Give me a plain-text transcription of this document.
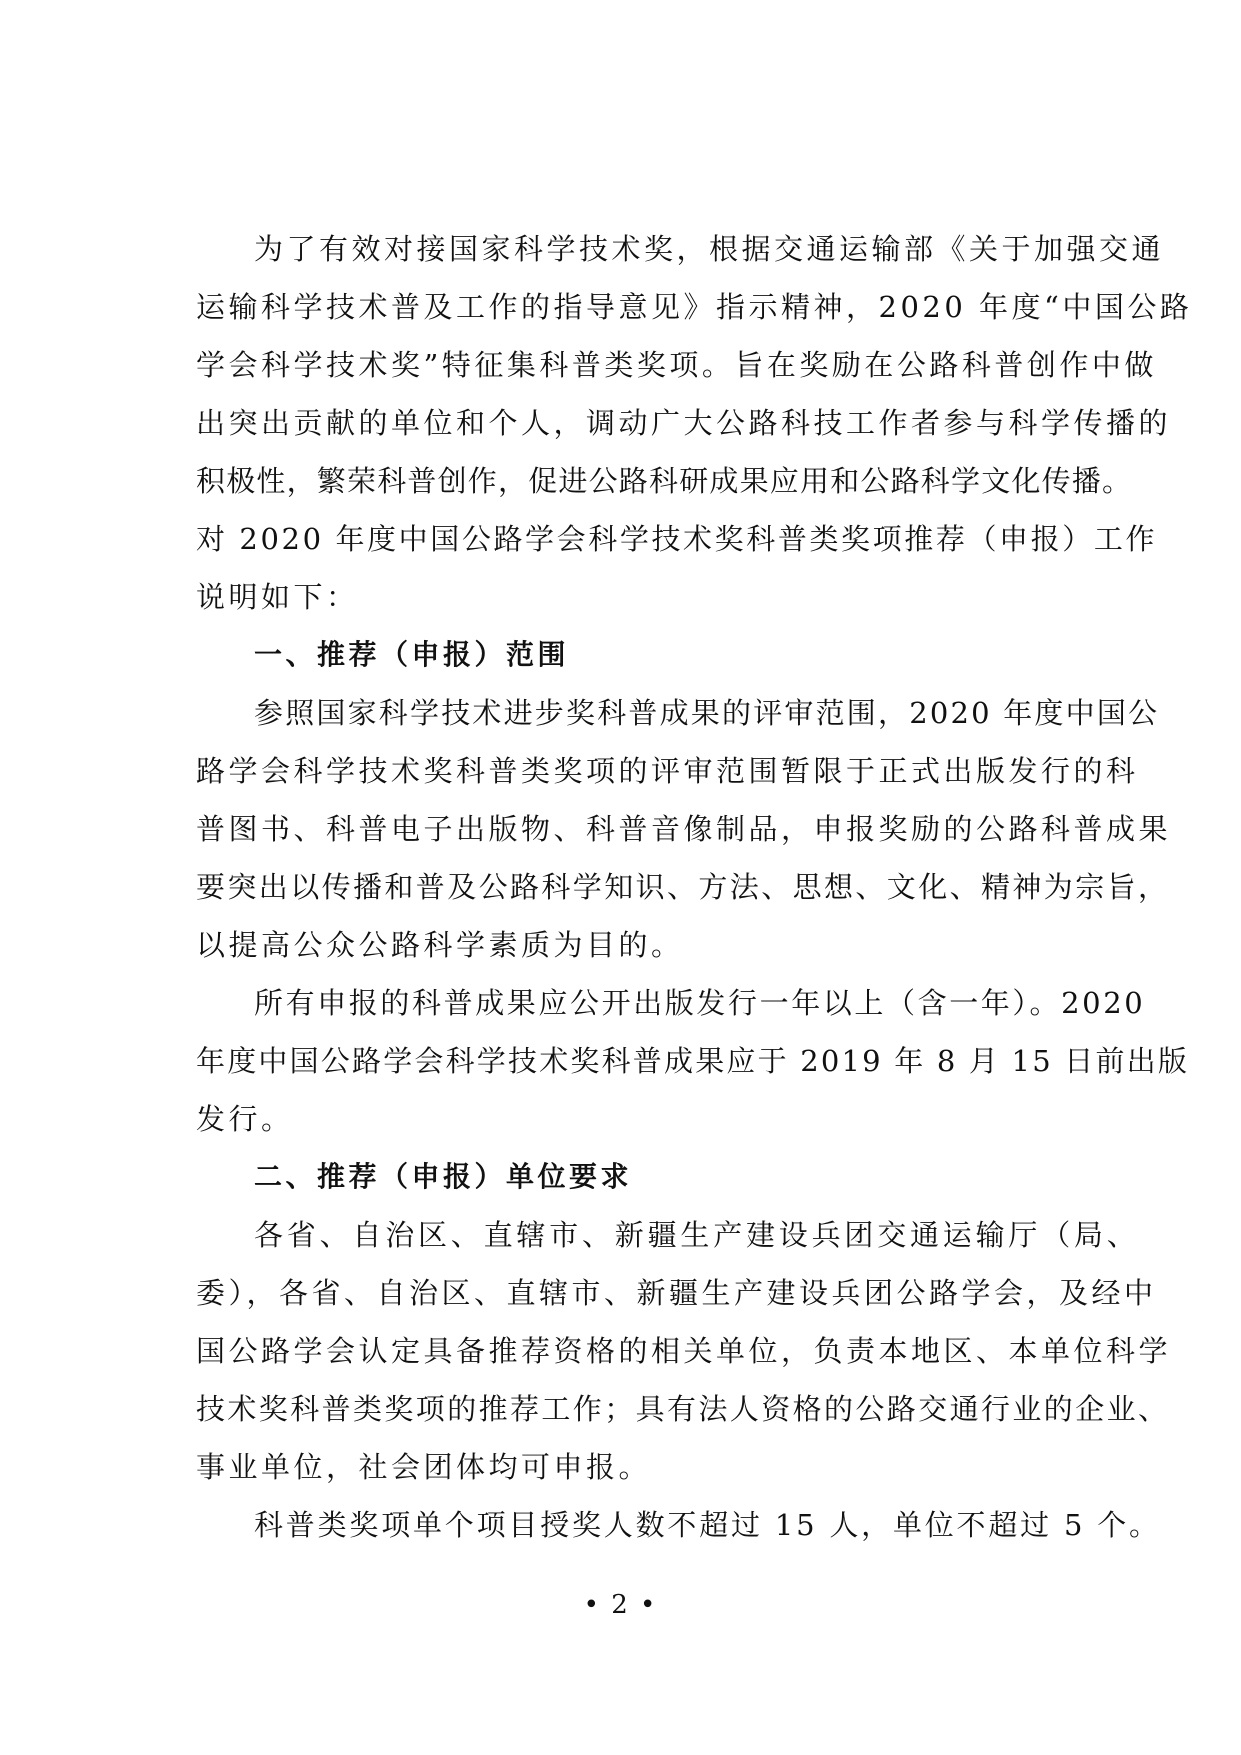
为了有效对接国家科学技术奖，根据交通运输部《关于加强交通
运输科学技术普及工作的指导意见》指示精神，2020 年度“中国公路
学会科学技术奖”特征集科普类奖项。旨在奖励在公路科普创作中做
出突出贡献的单位和个人，调动广大公路科技工作者参与科学传播的
积极性，繁荣科普创作，促进公路科研成果应用和公路科学文化传播。
对 2020 年度中国公路学会科学技术奖科普类奖项推荐（申报）工作
说明如下：
一、推荐（申报）范围
参照国家科学技术进步奖科普成果的评审范围，2020 年度中国公
路学会科学技术奖科普类奖项的评审范围暂限于正式出版发行的科
普图书、科普电子出版物、科普音像制品，申报奖励的公路科普成果
要突出以传播和普及公路科学知识、方法、思想、文化、精神为宗旨，
以提高公众公路科学素质为目的。
所有申报的科普成果应公开出版发行一年以上（含一年）。2020
年度中国公路学会科学技术奖科普成果应于 2019 年 8 月 15 日前出版
发行。
二、推荐（申报）单位要求
各省、自治区、直辖市、新疆生产建设兵团交通运输厅（局、
委），各省、自治区、直辖市、新疆生产建设兵团公路学会，及经中
国公路学会认定具备推荐资格的相关单位，负责本地区、本单位科学
技术奖科普类奖项的推荐工作；具有法人资格的公路交通行业的企业、
事业单位，社会团体均可申报。
科普类奖项单个项目授奖人数不超过 15 人，单位不超过 5 个。
• 2 •
